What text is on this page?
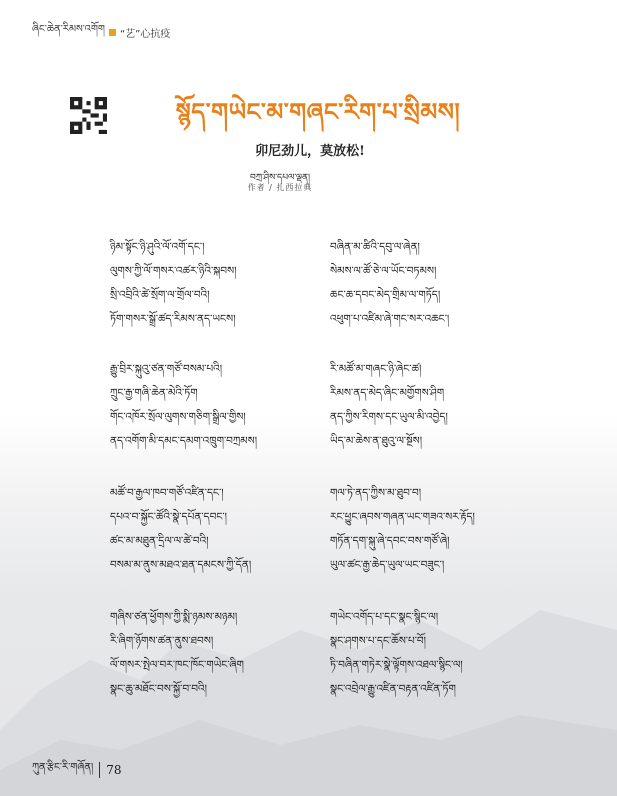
ཞིང་ཆེན་རིམས་འགོག “艺”心抗疫
སྙོད་གཡེང་མ་གཞང་རིག་པ་སྲིམས།
卯尼劲儿，莫放松!
བཀྲ་ཤིས་དཔལ་ལྡན།
作者 / 扎西拉典
ཉིམ་སྟོང་ཉི་ཤུའི་ལོ་འགོ་དང་།
ལུགས་ཀྱི་ལོ་གསར་འཚར་ཉིའི་སྐབས།
སྲི་འབྲིའི་ཚེ་སྲོག་ལ་གྲོལ་བའི།
ཏོག་གསར་སྒྲོ་ཚད་རིམས་ནད་ཡངས།
བཞིན་མ་ཚིའི་དབུ་ལ་ཞེན།
སེམས་ལ་ཚོ་ཅེ་ལ་ཡོང་བཏམས།
ཆང་ཆ་དབང་མེད་གྲིམ་ལ་གཏོད།
འཕུག་པ་འཛིམ་ཞེ་གང་སར་འཆང་།
རྒྱུ་བྲིར་སྐུའུ་ཙན་གཙོ་བསམ་པའི།
ཀྲུང་རྒྱ་གཞི་ཆེན་མེའི་ཏོག
གོང་འཁོར་སྲོལ་ལུགས་གཅིག་སྒྲིལ་གྱིས།
ནད་འགོག་མི་དམང་དམག་འཁྲུག་བཀྲམས།
རི་མཚོ་མ་གཞང་ཉི་ཞེང་ཚ།
རིམས་ནད་མེད་ཞིང་མགྱོགས་ཤིག
ནད་ཀྱིས་རིགས་དང་ཡུལ་མི་འབྱེད།
ཡིད་མ་ཆེས་ན་ཐུའུ་ལ་སྔོས།
མཚོ་བ་རྒྱལ་ཁབ་གཙོ་འཛིན་དང་།
དཔའ་བ་སྐྱོང་ཚོའི་སྣེ་དཔོན་དབང་།
ཚང་མ་མཐུན་དྲིལ་ལ་ཚེ་བའི།
བསམ་མ་ནུས་མཐའ་ཐན་དམངས་ཀྱི་དོན།
གལ་ཏེ་ནད་ཀྱིས་མ་ཐུབ་བ།
རང་ཕྱུང་ཞབས་གཞན་ཡང་གཟའ་སར་རྟོད།
གཏོན་དག་སྐུ་ཞེ་དབང་བས་གཙོ་ཞེ།
ཡུལ་ཚང་རྒྱ་ཆེད་ཡུལ་ཡང་བཟུང་།
གཞིས་ཙན་ཕྱོགས་ཀྱི་སྨི་ཉམས་མཉམ།
རི་ཞིག་ཉོགས་ཚན་ནུས་ཐབས།
ལོ་གསར་སྤེལ་བར་ཁང་ཁོང་གཡེང་ཞིག
སྣང་ཆུ་མཐོང་བས་སྐྱོ་བ་བའི།
གཡེང་འགོད་པ་དང་སྣང་སྙིང་ལ།
སྣང་ཤགས་པ་དང་ཆོས་པ་བོ།
ཏི་བཞིན་གཏེར་སྣེ་ལྟོགས་འཐལ་སྙིང་ལ།
སྣང་འབྲེལ་རྒྱུ་འཛིན་བརྟན་འཛིན་ཏོག
ཀུན་རྩིང་རི་གཞོན། 78
